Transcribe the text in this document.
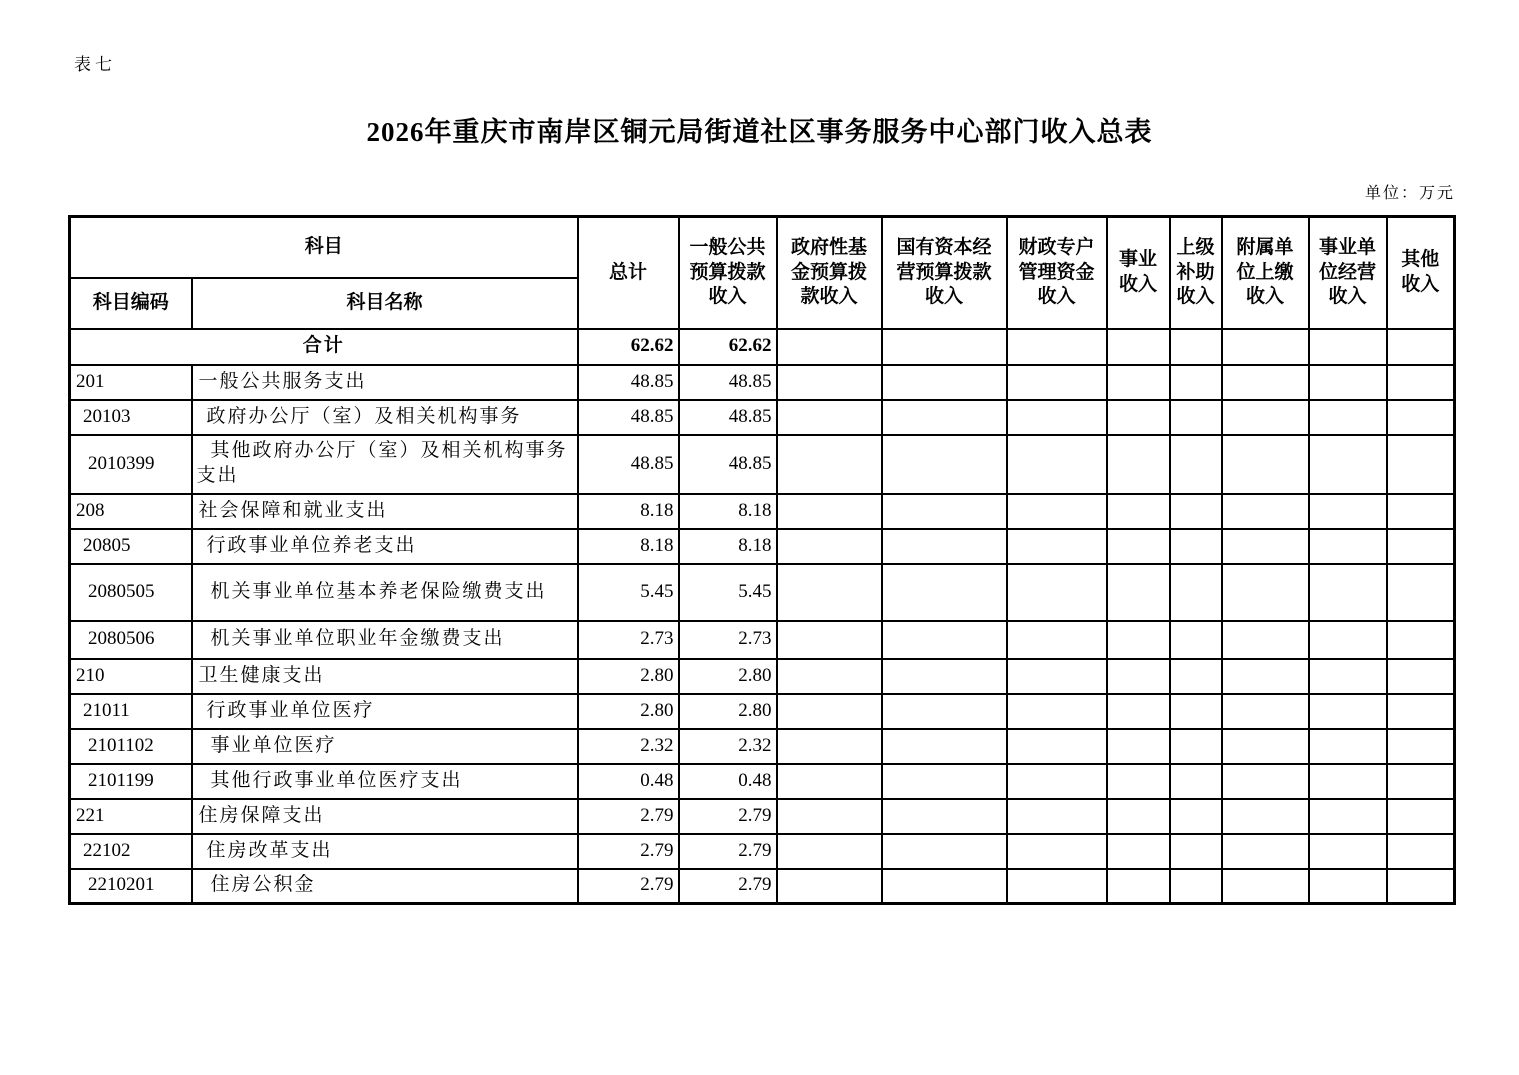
表七
2026年重庆市南岸区铜元局街道社区事务服务中心部门收入总表
单位：万元
科目		总计	一般公共预算拨款收入	政府性基金预算拨款收入	国有资本经营预算拨款收入	财政专户管理资金收入	事业收入	上级补助收入	附属单位上缴收入	事业单位经营收入	其他收入
科目编码	科目名称										
合计		62.62	62.62								
201	一般公共服务支出	48.85	48.85								
20103	政府办公厅（室）及相关机构事务	48.85	48.85								
2010399	其他政府办公厅（室）及相关机构事务支出	48.85	48.85								
208	社会保障和就业支出	8.18	8.18								
20805	行政事业单位养老支出	8.18	8.18								
2080505	机关事业单位基本养老保险缴费支出	5.45	5.45								
2080506	机关事业单位职业年金缴费支出	2.73	2.73								
210	卫生健康支出	2.80	2.80								
21011	行政事业单位医疗	2.80	2.80								
2101102	事业单位医疗	2.32	2.32								
2101199	其他行政事业单位医疗支出	0.48	0.48								
221	住房保障支出	2.79	2.79								
22102	住房改革支出	2.79	2.79								
2210201	住房公积金	2.79	2.79								
